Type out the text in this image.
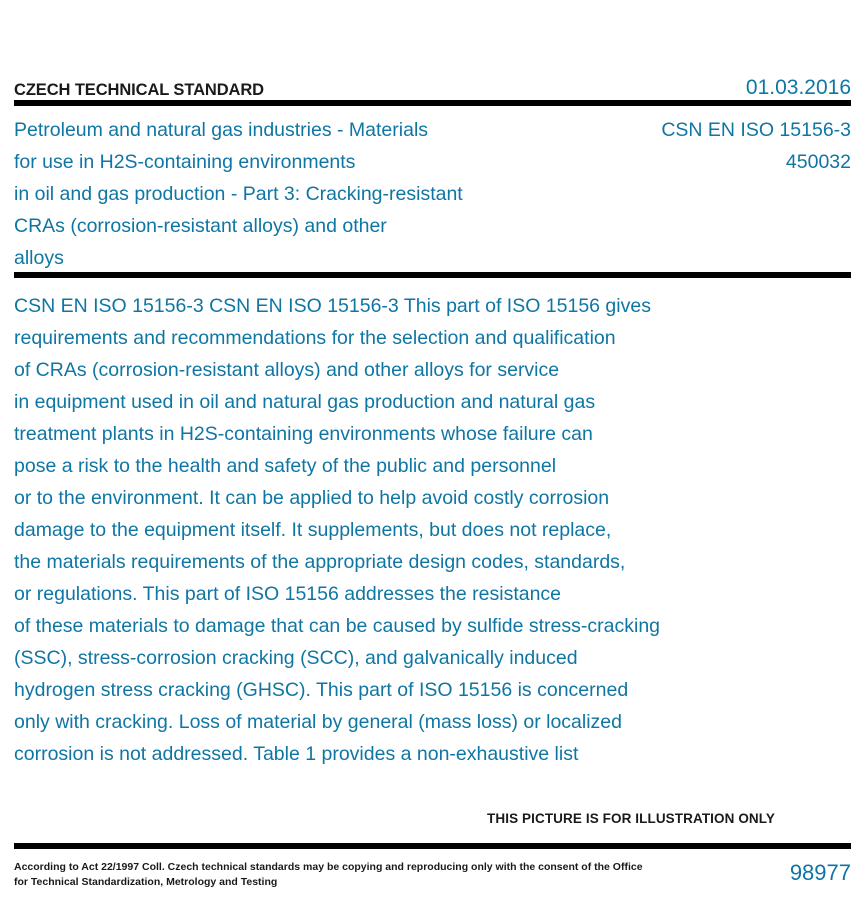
CZECH TECHNICAL STANDARD	01.03.2016
Petroleum and natural gas industries - Materials
for use in H2S-containing environments
in oil and gas production - Part 3: Cracking-resistant
CRAs (corrosion-resistant alloys) and other
alloys
CSN EN ISO 15156-3
450032
CSN EN ISO 15156-3 CSN EN ISO 15156-3 This part of ISO 15156 gives
requirements and recommendations for the selection and qualification
of CRAs (corrosion-resistant alloys) and other alloys for service
in equipment used in oil and natural gas production and natural gas
treatment plants in H2S-containing environments whose failure can
pose a risk to the health and safety of the public and personnel
or to the environment. It can be applied to help avoid costly corrosion
damage to the equipment itself. It supplements, but does not replace,
the materials requirements of the appropriate design codes, standards,
or regulations. This part of ISO 15156 addresses the resistance
of these materials to damage that can be caused by sulfide stress-cracking
(SSC), stress-corrosion cracking (SCC), and galvanically induced
hydrogen stress cracking (GHSC). This part of ISO 15156 is concerned
only with cracking. Loss of material by general (mass loss) or localized
corrosion is not addressed. Table 1 provides a non-exhaustive list
THIS PICTURE IS FOR ILLUSTRATION ONLY
According to Act 22/1997 Coll. Czech technical standards may be copying and reproducing only with the consent of the Office
for Technical Standardization, Metrology and Testing	98977
